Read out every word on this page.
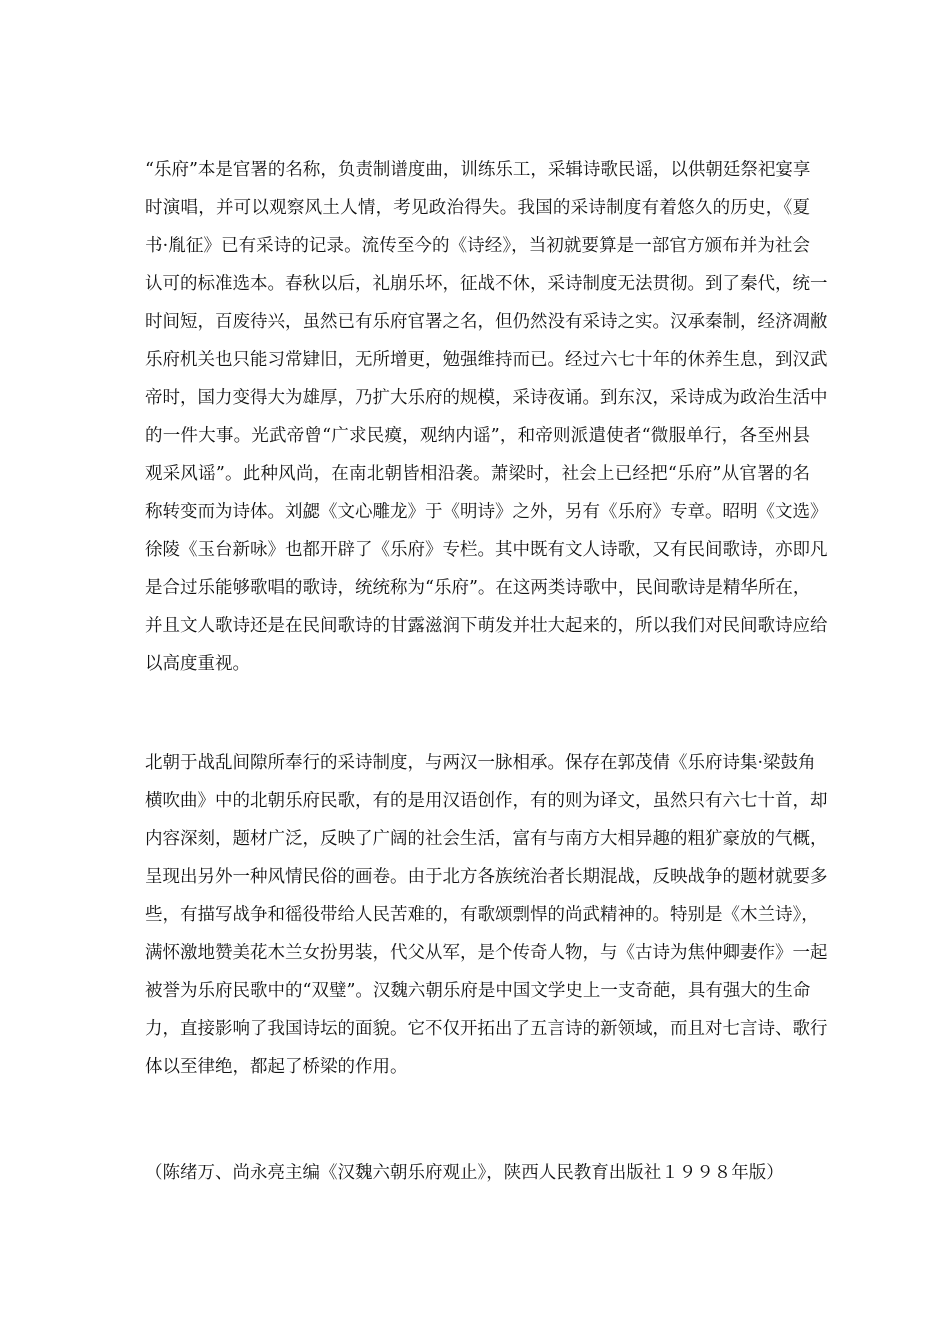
“乐府”本是官署的名称，负责制谱度曲，训练乐工，采辑诗歌民谣，以供朝廷祭祀宴享
时演唱，并可以观察风土人情，考见政治得失。我国的采诗制度有着悠久的历史，《夏
书·胤征》已有采诗的记录。流传至今的《诗经》，当初就要算是一部官方颁布并为社会
认可的标准选本。春秋以后，礼崩乐坏，征战不休，采诗制度无法贯彻。到了秦代，统一
时间短，百废待兴，虽然已有乐府官署之名，但仍然没有采诗之实。汉承秦制，经济凋敝
乐府机关也只能习常肄旧，无所增更，勉强维持而已。经过六七十年的休养生息，到汉武
帝时，国力变得大为雄厚，乃扩大乐府的规模，采诗夜诵。到东汉，采诗成为政治生活中
的一件大事。光武帝曾“广求民瘼，观纳内谣”，和帝则派遣使者“微服单行，各至州县
观采风谣”。此种风尚，在南北朝皆相沿袭。萧梁时，社会上已经把“乐府”从官署的名
称转变而为诗体。刘勰《文心雕龙》于《明诗》之外，另有《乐府》专章。昭明《文选》
徐陵《玉台新咏》也都开辟了《乐府》专栏。其中既有文人诗歌，又有民间歌诗，亦即凡
是合过乐能够歌唱的歌诗，统统称为“乐府”。在这两类诗歌中，民间歌诗是精华所在，
并且文人歌诗还是在民间歌诗的甘露滋润下萌发并壮大起来的，所以我们对民间歌诗应给
以高度重视。
北朝于战乱间隙所奉行的采诗制度，与两汉一脉相承。保存在郭茂倩《乐府诗集·梁鼓角
横吹曲》中的北朝乐府民歌，有的是用汉语创作，有的则为译文，虽然只有六七十首，却
内容深刻，题材广泛，反映了广阔的社会生活，富有与南方大相异趣的粗犷豪放的气概，
呈现出另外一种风情民俗的画卷。由于北方各族统治者长期混战，反映战争的题材就要多
些，有描写战争和徭役带给人民苦难的，有歌颂剽悍的尚武精神的。特别是《木兰诗》，
满怀激地赞美花木兰女扮男装，代父从军，是个传奇人物，与《古诗为焦仲卿妻作》一起
被誉为乐府民歌中的“双璧”。汉魏六朝乐府是中国文学史上一支奇葩，具有强大的生命
力，直接影响了我国诗坛的面貌。它不仅开拓出了五言诗的新领域，而且对七言诗、歌行
体以至律绝，都起了桥梁的作用。

（陈绪万、尚永亮主编《汉魏六朝乐府观止》，陕西人民教育出版社１９９８年版）
